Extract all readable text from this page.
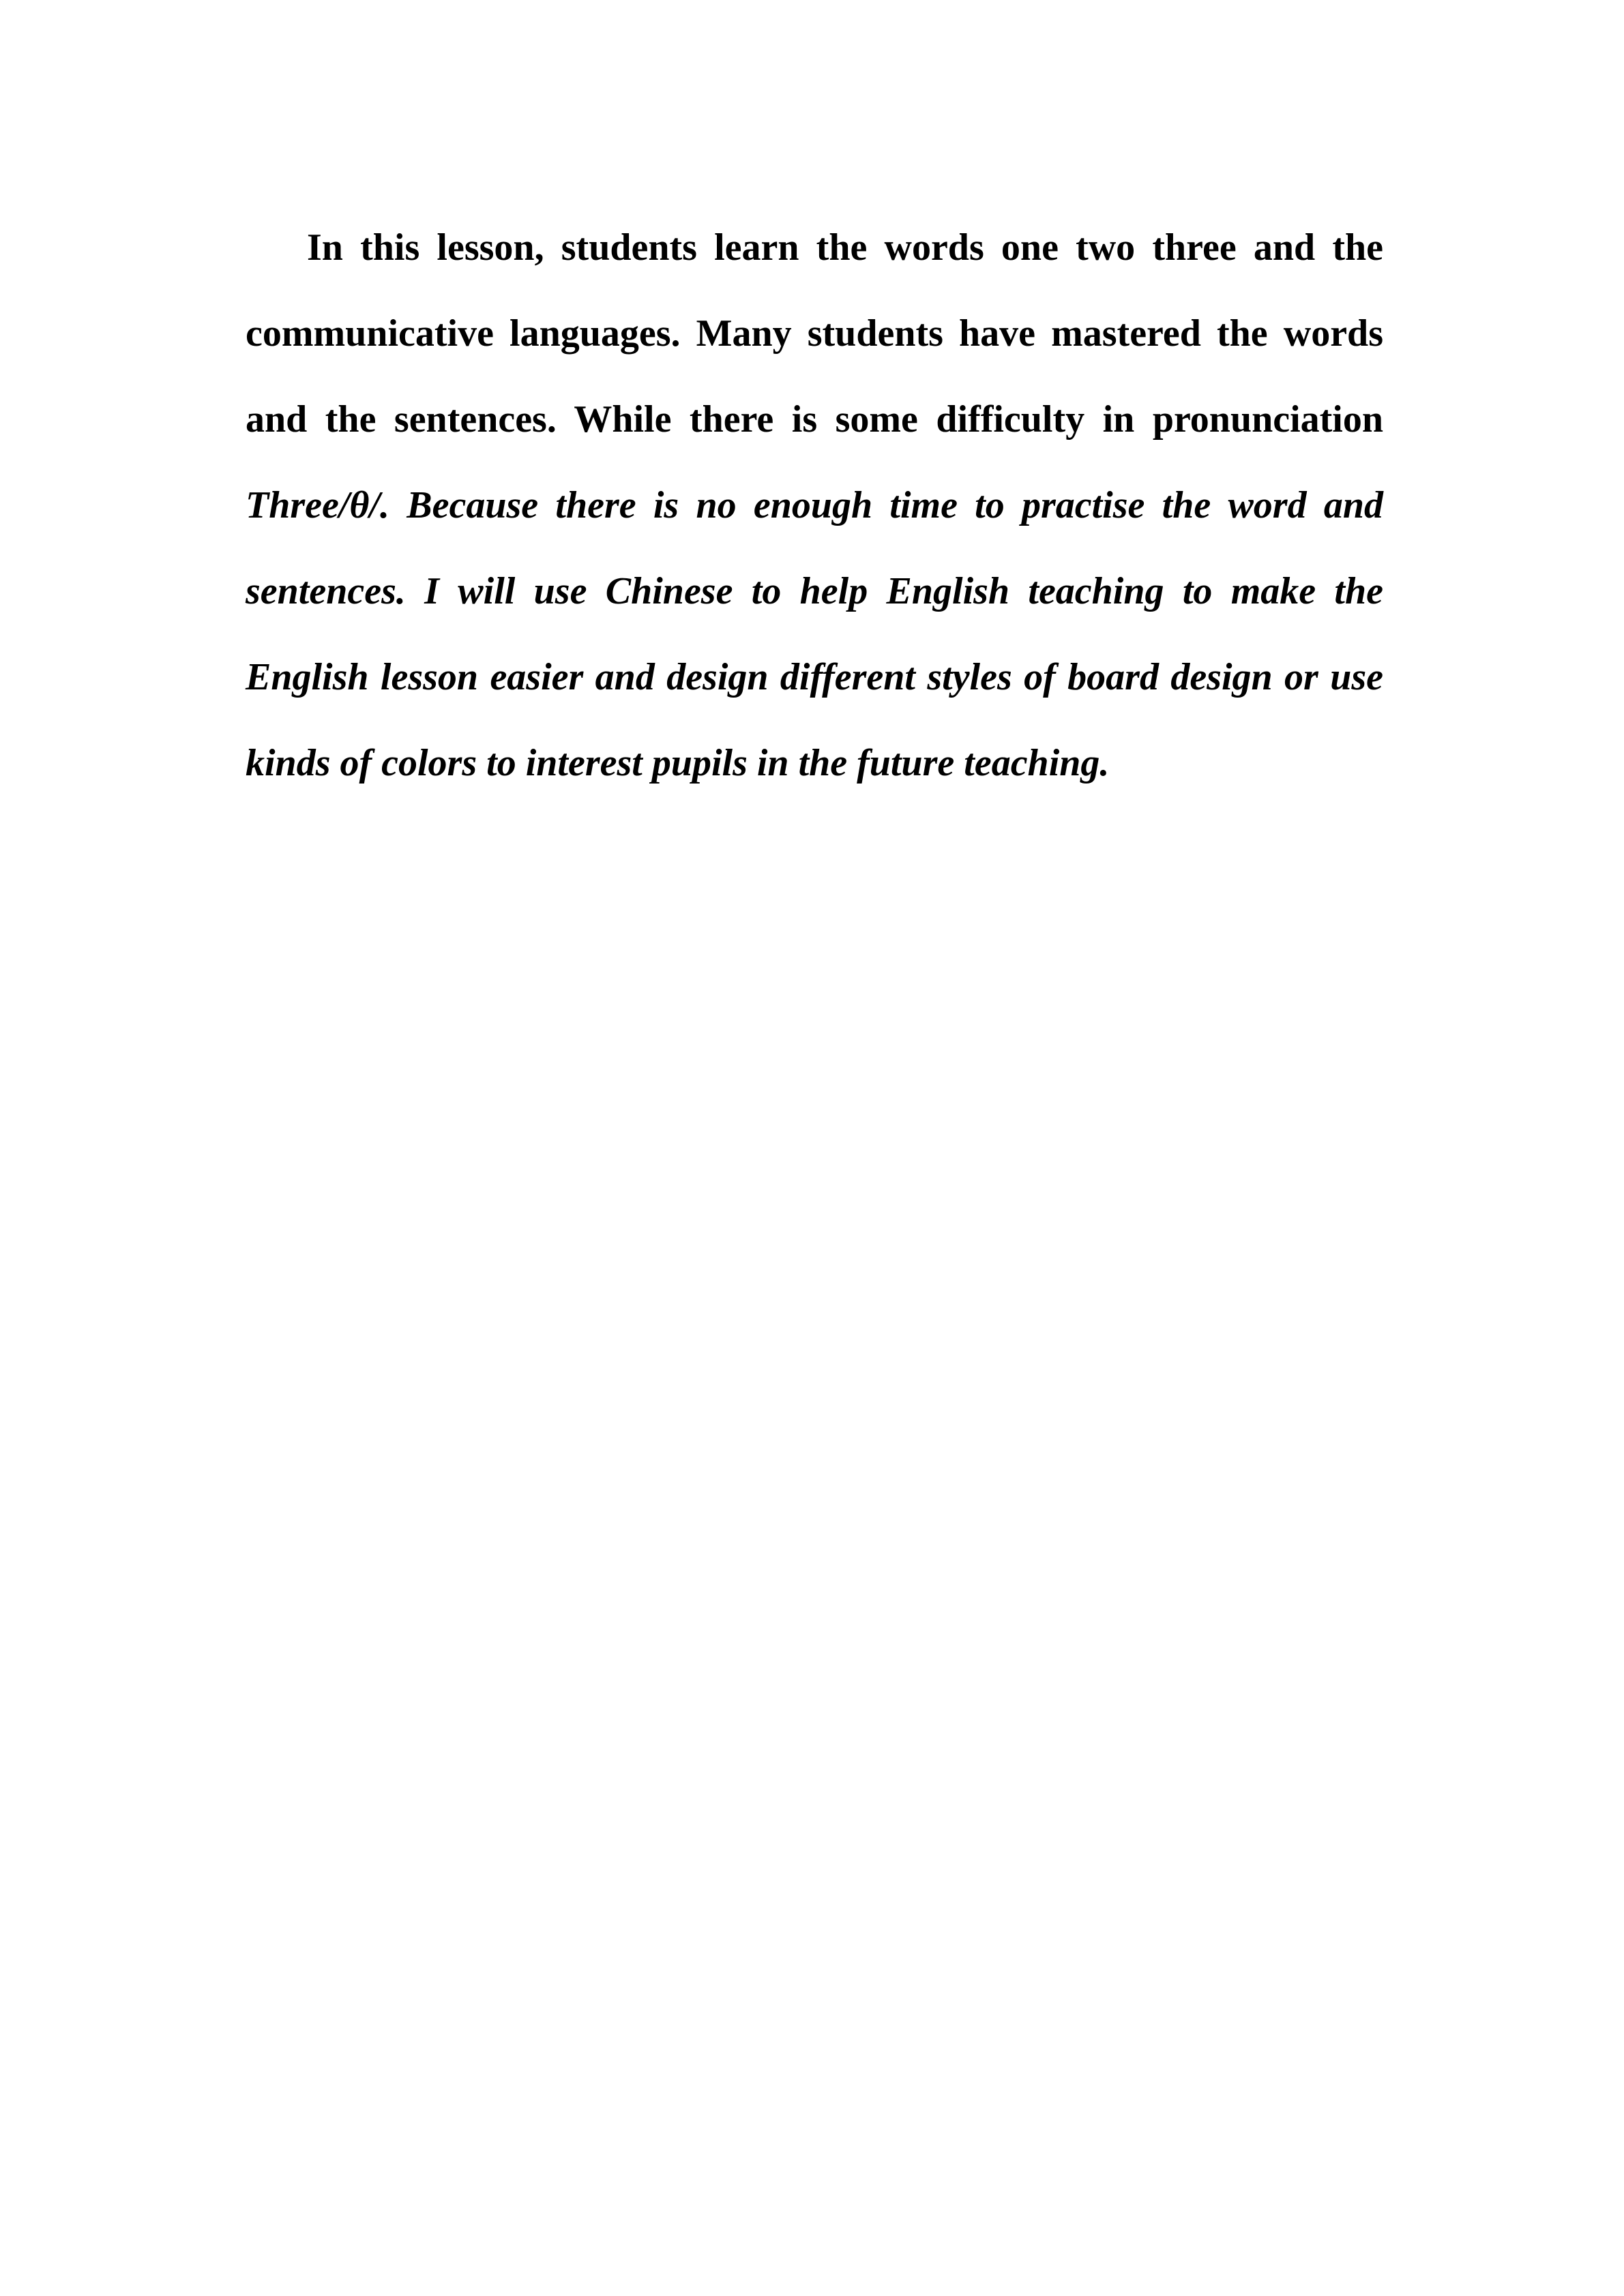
In this lesson, students learn the words one two three and the communicative languages. Many students have mastered the words and the sentences. While there is some difficulty in pronunciation Three/θ/. Because there is no enough time to practise the word and sentences. I will use Chinese to help English teaching to make the English lesson easier and design different styles of board design or use kinds of colors to interest pupils in the future teaching.
